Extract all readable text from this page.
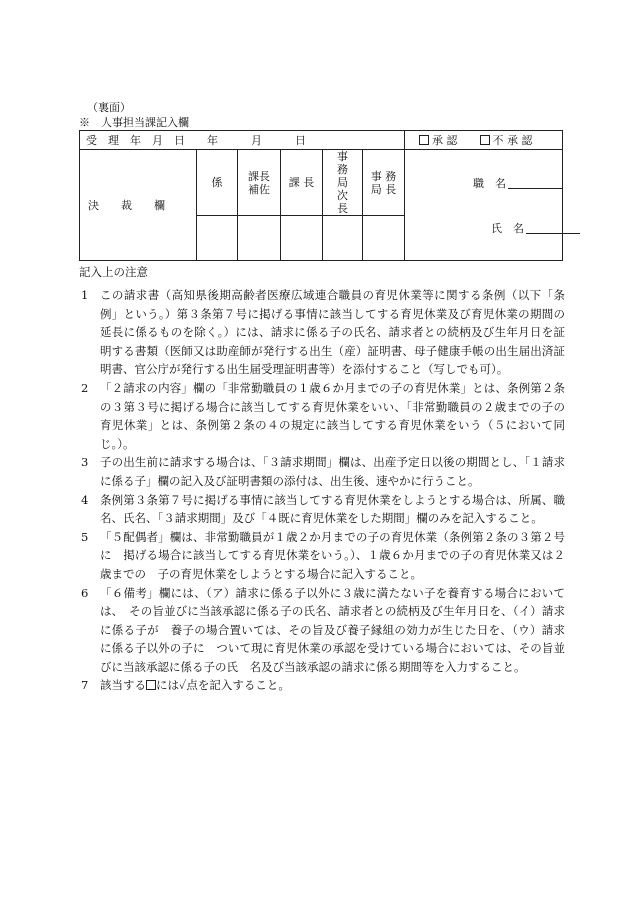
（裏面）
※　人事担当課記入欄
受　理　年　月　日　　年　　　月　　　日						承 認　　 不 承 認
決　　裁　　欄	係	課長補佐	課 長	事 務 局 次 長	事 務 局 長	職　名
氏　名

記入上の注意
1	この請求書（高知県後期高齢者医療広域連合職員の育児休業等に関する条例（以下「条例」という。）第３条第７号に掲げる事情に該当してする育児休業及び育児休業の期間の延長に係るものを除く。）には、請求に係る子の氏名、請求者との続柄及び生年月日を証明する書類（医師又は助産師が発行する出生（産）証明書、母子健康手帳の出生届出済証明書、官公庁が発行する出生届受理証明書等）を添付すること（写しでも可）。
2	「２請求の内容」欄の「非常勤職員の１歳６か月までの子の育児休業」とは、条例第２条の３第３号に掲げる場合に該当してする育児休業をいい、「非常勤職員の２歳までの子の育児休業」とは、条例第２条の４の規定に該当してする育児休業をいう（５において同じ。）。
3	子の出生前に請求する場合は、「３請求期間」欄は、出産予定日以後の期間とし、「１請求に係る子」欄の記入及び証明書類の添付は、出生後、速やかに行うこと。
4	条例第３条第７号に掲げる事情に該当してする育児休業をしようとする場合は、所属、職名、氏名、「３請求期間」及び「４既に育児休業をした期間」欄のみを記入すること。
5	「５配偶者」欄は、非常勤職員が１歳２か月までの子の育児休業（条例第２条の３第２号に　掲げる場合に該当してする育児休業をいう。）、１歳６か月までの子の育児休業又は２歳までの　子の育児休業をしようとする場合に記入すること。
6	「６備考」欄には、（ア）請求に係る子以外に３歳に満たない子を養育する場合においては、　その旨並びに当該承認に係る子の氏名、請求者との続柄及び生年月日を、（イ）請求に係る子が　養子の場合置いては、その旨及び養子縁組の効力が生じた日を、（ウ）請求に係る子以外の子に　ついて現に育児休業の承認を受けている場合においては、その旨並びに当該承認に係る子の氏　名及び当該承認の請求に係る期間等を入力すること。
7	該当する には✓点を記入すること。
